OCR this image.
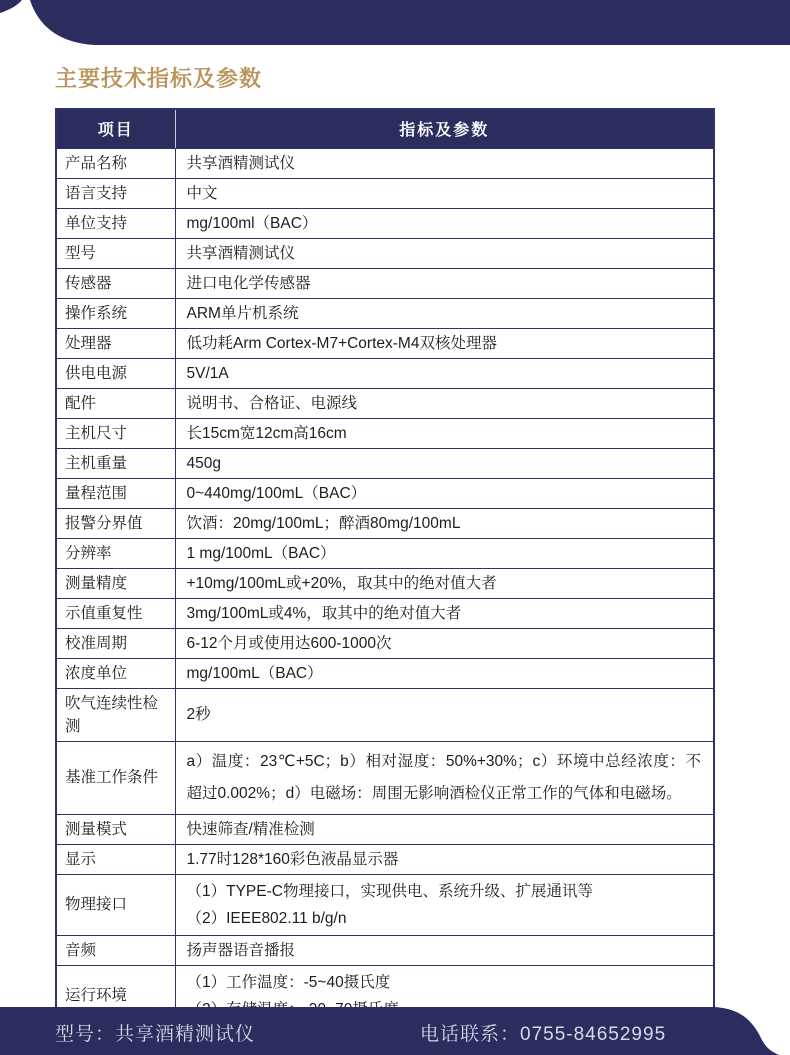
主要技术指标及参数
项目	指标及参数
产品名称	共享酒精测试仪
语言支持	中文
单位支持	mg/100ml（BAC）
型号	共享酒精测试仪
传感器	进口电化学传感器
操作系统	ARM单片机系统
处理器	低功耗Arm Cortex-M7+Cortex-M4双核处理器
供电电源	5V/1A
配件	说明书、合格证、电源线
主机尺寸	长15cm宽12cm高16cm
主机重量	450g
量程范围	0~440mg/100mL（BAC）
报警分界值	饮酒：20mg/100mL；醉酒80mg/100mL
分辨率	1 mg/100mL（BAC）
测量精度	+10mg/100mL或+20%，取其中的绝对值大者
示值重复性	3mg/100mL或4%，取其中的绝对值大者
校准周期	6-12个月或使用达600-1000次
浓度单位	mg/100mL（BAC）
吹气连续性检测	2秒
基准工作条件	a）温度：23℃+5C；b）相对湿度：50%+30%；c）环境中总经浓度：不超过0.002%；d）电磁场：周围无影响酒检仪正常工作的气体和电磁场。
测量模式	快速筛查/精准检测
显示	1.77时128*160彩色液晶显示器
物理接口	（1）TYPE-C物理接口，实现供电、系统升级、扩展通讯等
（2）IEEE802.11 b/g/n

音频	扬声器语音播报
运行环境	（1）工作温度：-5~40摄氏度
型号：共享酒精测试仪	电话联系：0755-84652995
